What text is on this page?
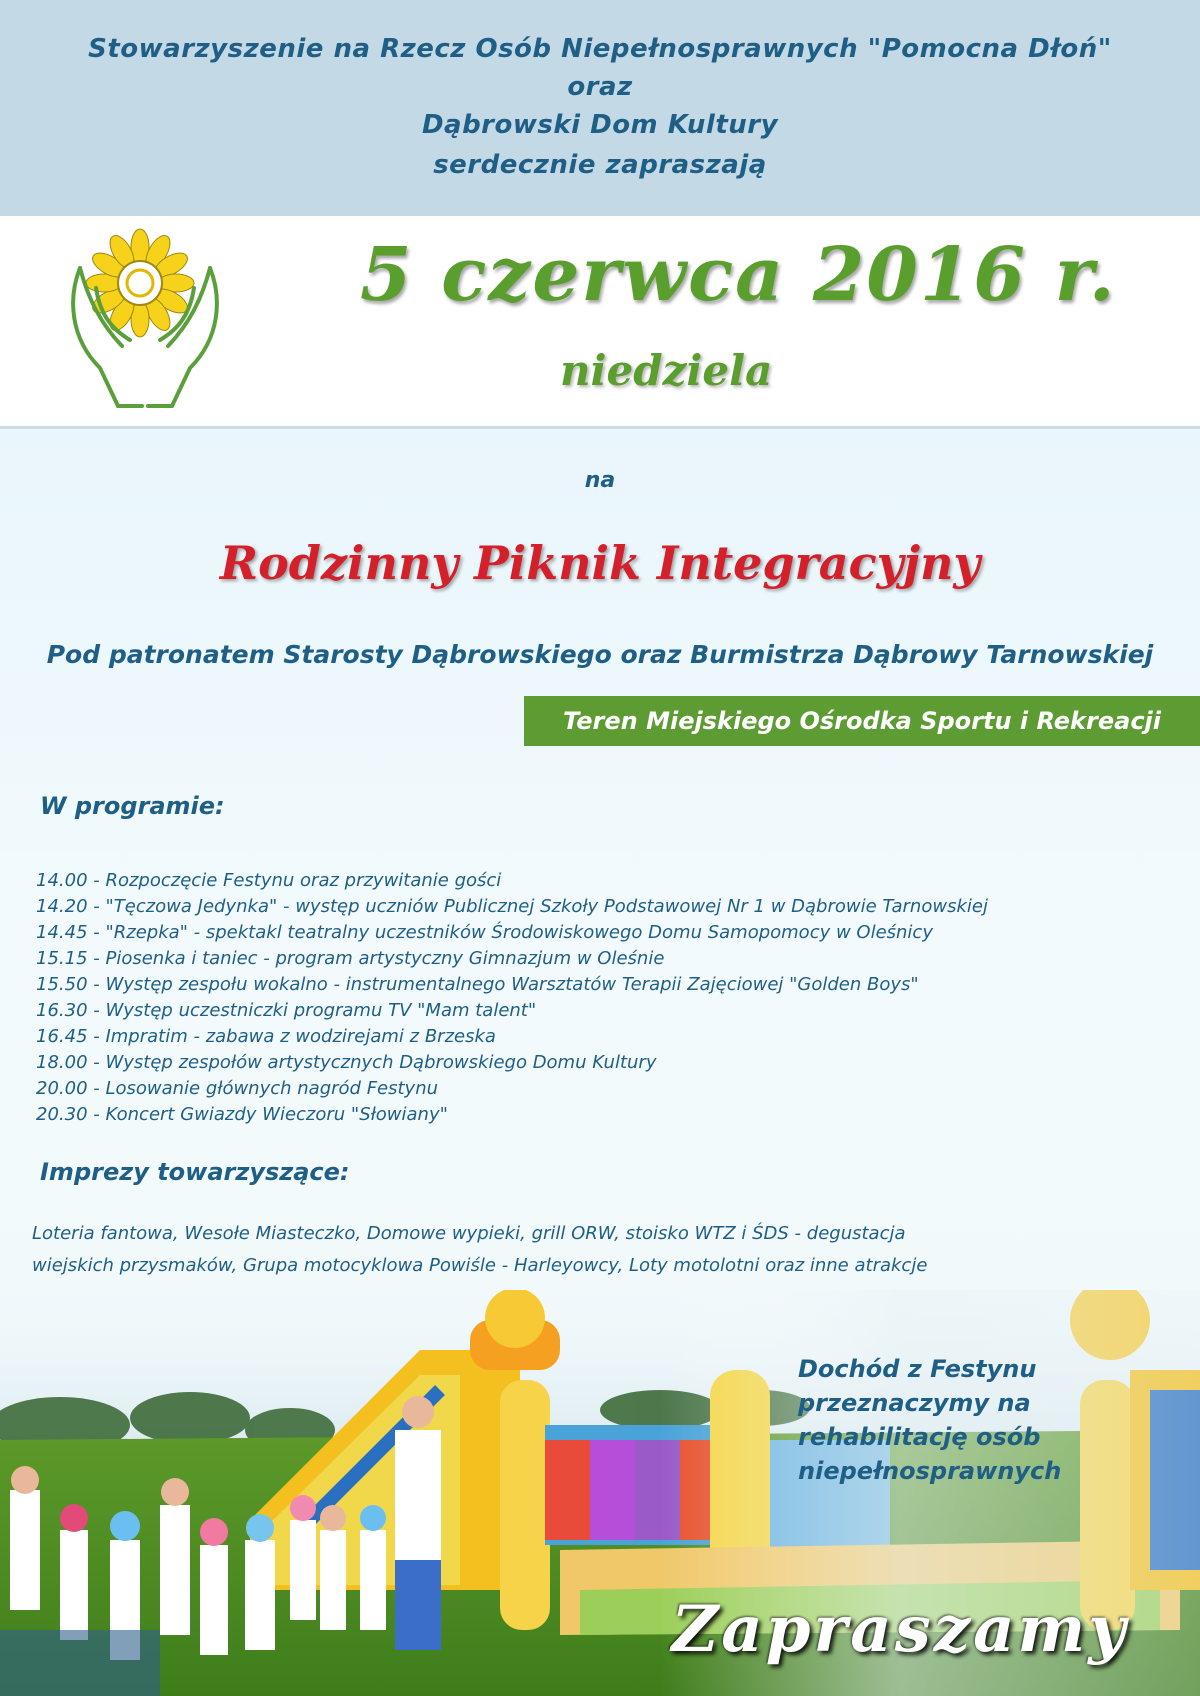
Stowarzyszenie na Rzecz Osób Niepełnosprawnych "Pomocna Dłoń"
oraz
Dąbrowski Dom Kultury
serdecznie zapraszają
5 czerwca 2016 r.
niedziela
na
Rodzinny Piknik Integracyjny
Pod patronatem Starosty Dąbrowskiego oraz Burmistrza Dąbrowy Tarnowskiej
Teren Miejskiego Ośrodka Sportu i Rekreacji
W programie:
14.00 - Rozpoczęcie Festynu oraz przywitanie gości
14.20 - "Tęczowa Jedynka" - występ uczniów Publicznej Szkoły Podstawowej Nr 1 w Dąbrowie Tarnowskiej
14.45 - "Rzepka" - spektakl teatralny uczestników Środowiskowego Domu Samopomocy w Oleśnicy
15.15 - Piosenka i taniec - program artystyczny Gimnazjum w Oleśnie
15.50 - Występ zespołu wokalno - instrumentalnego Warsztatów Terapii Zajęciowej "Golden Boys"
16.30 - Występ uczestniczki programu TV "Mam talent"
16.45 - Impratim - zabawa z wodzirejami z Brzeska
18.00 - Występ zespołów artystycznych Dąbrowskiego Domu Kultury
20.00 - Losowanie głównych nagród Festynu
20.30 - Koncert Gwiazdy Wieczoru "Słowiany"
Imprezy towarzyszące:
Loteria fantowa, Wesołe Miasteczko, Domowe wypieki, grill ORW, stoisko WTZ i ŚDS - degustacja
wiejskich przysmaków, Grupa motocyklowa Powiśle - Harleyowcy, Loty motolotni oraz inne atrakcje
Dochód z Festynu
przeznaczymy na
rehabilitację osób
niepełnosprawnych
Zapraszamy
